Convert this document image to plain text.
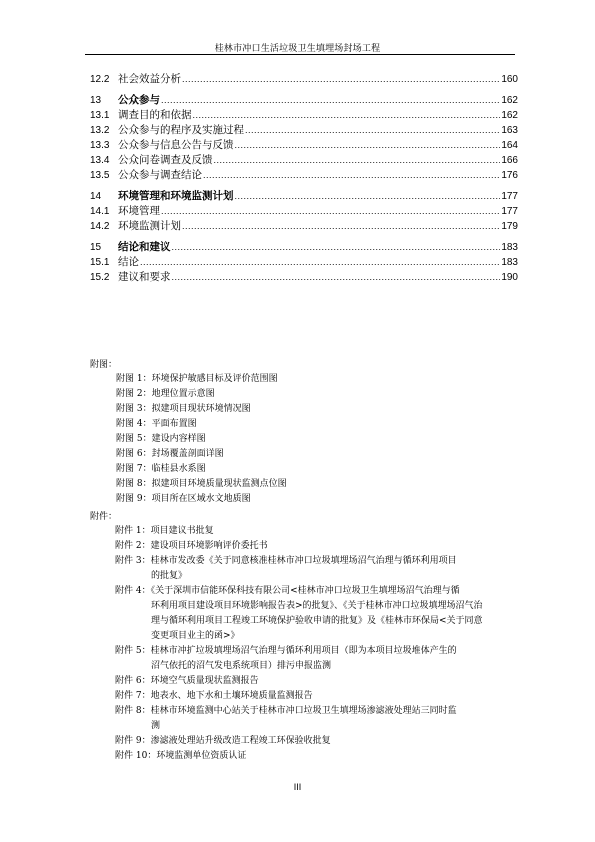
桂林市冲口生活垃圾卫生填埋场封场工程
12.2 社会效益分析 .....	160
13	公众参与 .....	162
13.1 调查目的和依据 .....	162
13.2 公众参与的程序及实施过程 .....	163
13.3 公众参与信息公告与反馈 .....	164
13.4 公众问卷调查及反馈 .....	166
13.5 公众参与调查结论 .....	176
14	环境管理和环境监测计划 .....	177
14.1 环境管理 .....	177
14.2 环境监测计划 .....	179
15	结论和建议 .....	183
15.1 结论 .....	183
15.2 建议和要求 .....	190
附图：
附图 1：环境保护敏感目标及评价范围图
附图 2：地理位置示意图
附图 3：拟建项目现状环境情况图
附图 4：平面布置图
附图 5：建设内容样图
附图 6：封场覆盖剖面详图
附图 7：临桂县水系图
附图 8：拟建项目环境质量现状监测点位图
附图 9：项目所在区域水文地质图
附件：
附件 1：项目建议书批复
附件 2：建设项目环境影响评价委托书
附件 3：桂林市发改委《关于同意核准桂林市冲口垃圾填埋场沼气治理与循环利用项目
的批复》
附件 4：《关于深圳市信能环保科技有限公司<桂林市冲口垃圾卫生填埋场沼气治理与循
环利用项目建设项目环境影响报告表>的批复》、《关于桂林市冲口垃圾填埋场沼气治
理与循环利用项目工程竣工环境保护验收申请的批复》及《桂林市环保局<关于同意
变更项目业主的函>》
附件 5：桂林市冲扩垃圾填埋场沼气治理与循环利用项目（即为本项目垃圾堆体产生的
沼气依托的沼气发电系统项目）排污申报监测
附件 6：环境空气质量现状监测报告
附件 7：地表水、地下水和土壤环境质量监测报告
附件 8：桂林市环境监测中心站关于桂林市冲口垃圾卫生填埋场渗滤液处理站三同时监
测
附件 9：渗滤液处理站升级改造工程竣工环保验收批复
附件 10：环境监测单位资质认证
III
